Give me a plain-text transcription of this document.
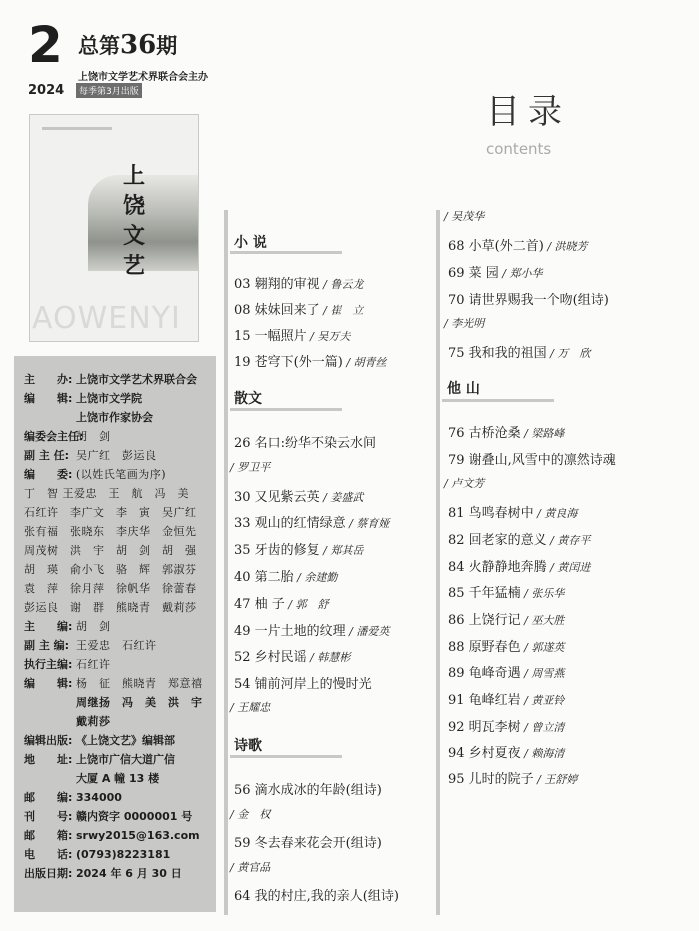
2 总第36期
上饶市文学艺术界联合会主办
2024	每季第3月出版
上饶文艺
AOWENYI
主　　办: 上饶市文学艺术界联合会
编　　辑: 上饶市文学院
上饶市作家协会
编委会主任:
胡　剑
副 主 任: 吴广红　彭运良
编　　委: (以姓氏笔画为序)
丁　智 王爱忠　王　航　冯　美
石红许　李广文　李　寅　吴广红
张有福　张晓东　李庆华　金恒先
周茂树　洪　宇　胡　剑　胡　强
胡　瑛　俞小飞　骆　辉　郭淑芬
袁　萍　徐月萍　徐帆华　徐蕾春
彭运良　谢　群　熊晓青　戴莉莎
主　　编: 胡　剑
副 主 编: 王爱忠　石红许
执行主编: 石红许
编　　辑: 杨　征　熊晓青　郑意禧
周继扬　冯　美　洪　宇
戴莉莎
编辑出版: 《上饶文艺》编辑部
地　　址: 上饶市广信大道广信
大厦 A 幢 13 楼
邮　　编: 334000
刊　　号: 赣内资字 0000001 号
邮　　箱: srwy2015@163.com
电　　话: (0793)8223181
出版日期: 2024 年 6 月 30 日
目录
contents
小 说
03 翱翔的审视 / 鲁云龙
08 妹妹回来了 / 崔　立
15 一幅照片 / 吴万夫
19 苍穹下(外一篇) / 胡青丝
散文
26 名口:纷华不染云水间
/ 罗卫平
30 又见紫云英 / 姜盛武
33 观山的红情绿意 / 蔡育娅
35 牙齿的修复 / 郑其岳
40 第二胎 / 余建勤
47 柚 子 / 郭　舒
49 一片土地的纹理 / 潘爱英
52 乡村民谣 / 韩慧彬
54 铺前河岸上的慢时光
/ 王耀忠
诗歌
56 滴水成冰的年龄(组诗)
/ 金　权
59 冬去春来花会开(组诗)
/ 黄官品
64 我的村庄,我的亲人(组诗)
/ 吴茂华
68 小草(外二首) / 洪晓芳
69 菜 园 / 郑小华
70 请世界赐我一个吻(组诗)
/ 李光明
75 我和我的祖国 / 万　欣
他 山
76 古桥沧桑 / 梁路峰
79 谢叠山,风雪中的凛然诗魂
/ 卢文芳
81 鸟鸣春树中 / 黄良海
82 回老家的意义 / 黄存平
84 火静静地奔腾 / 黄闰进
85 千年猛楠 / 张乐华
86 上饶行记 / 巫大胜
88 原野春色 / 郭遂英
89 龟峰奇遇 / 周雪燕
91 龟峰红岩 / 黄亚铃
92 明瓦李树 / 曾立清
94 乡村夏夜 / 赖海清
95 儿时的院子 / 王舒婷
